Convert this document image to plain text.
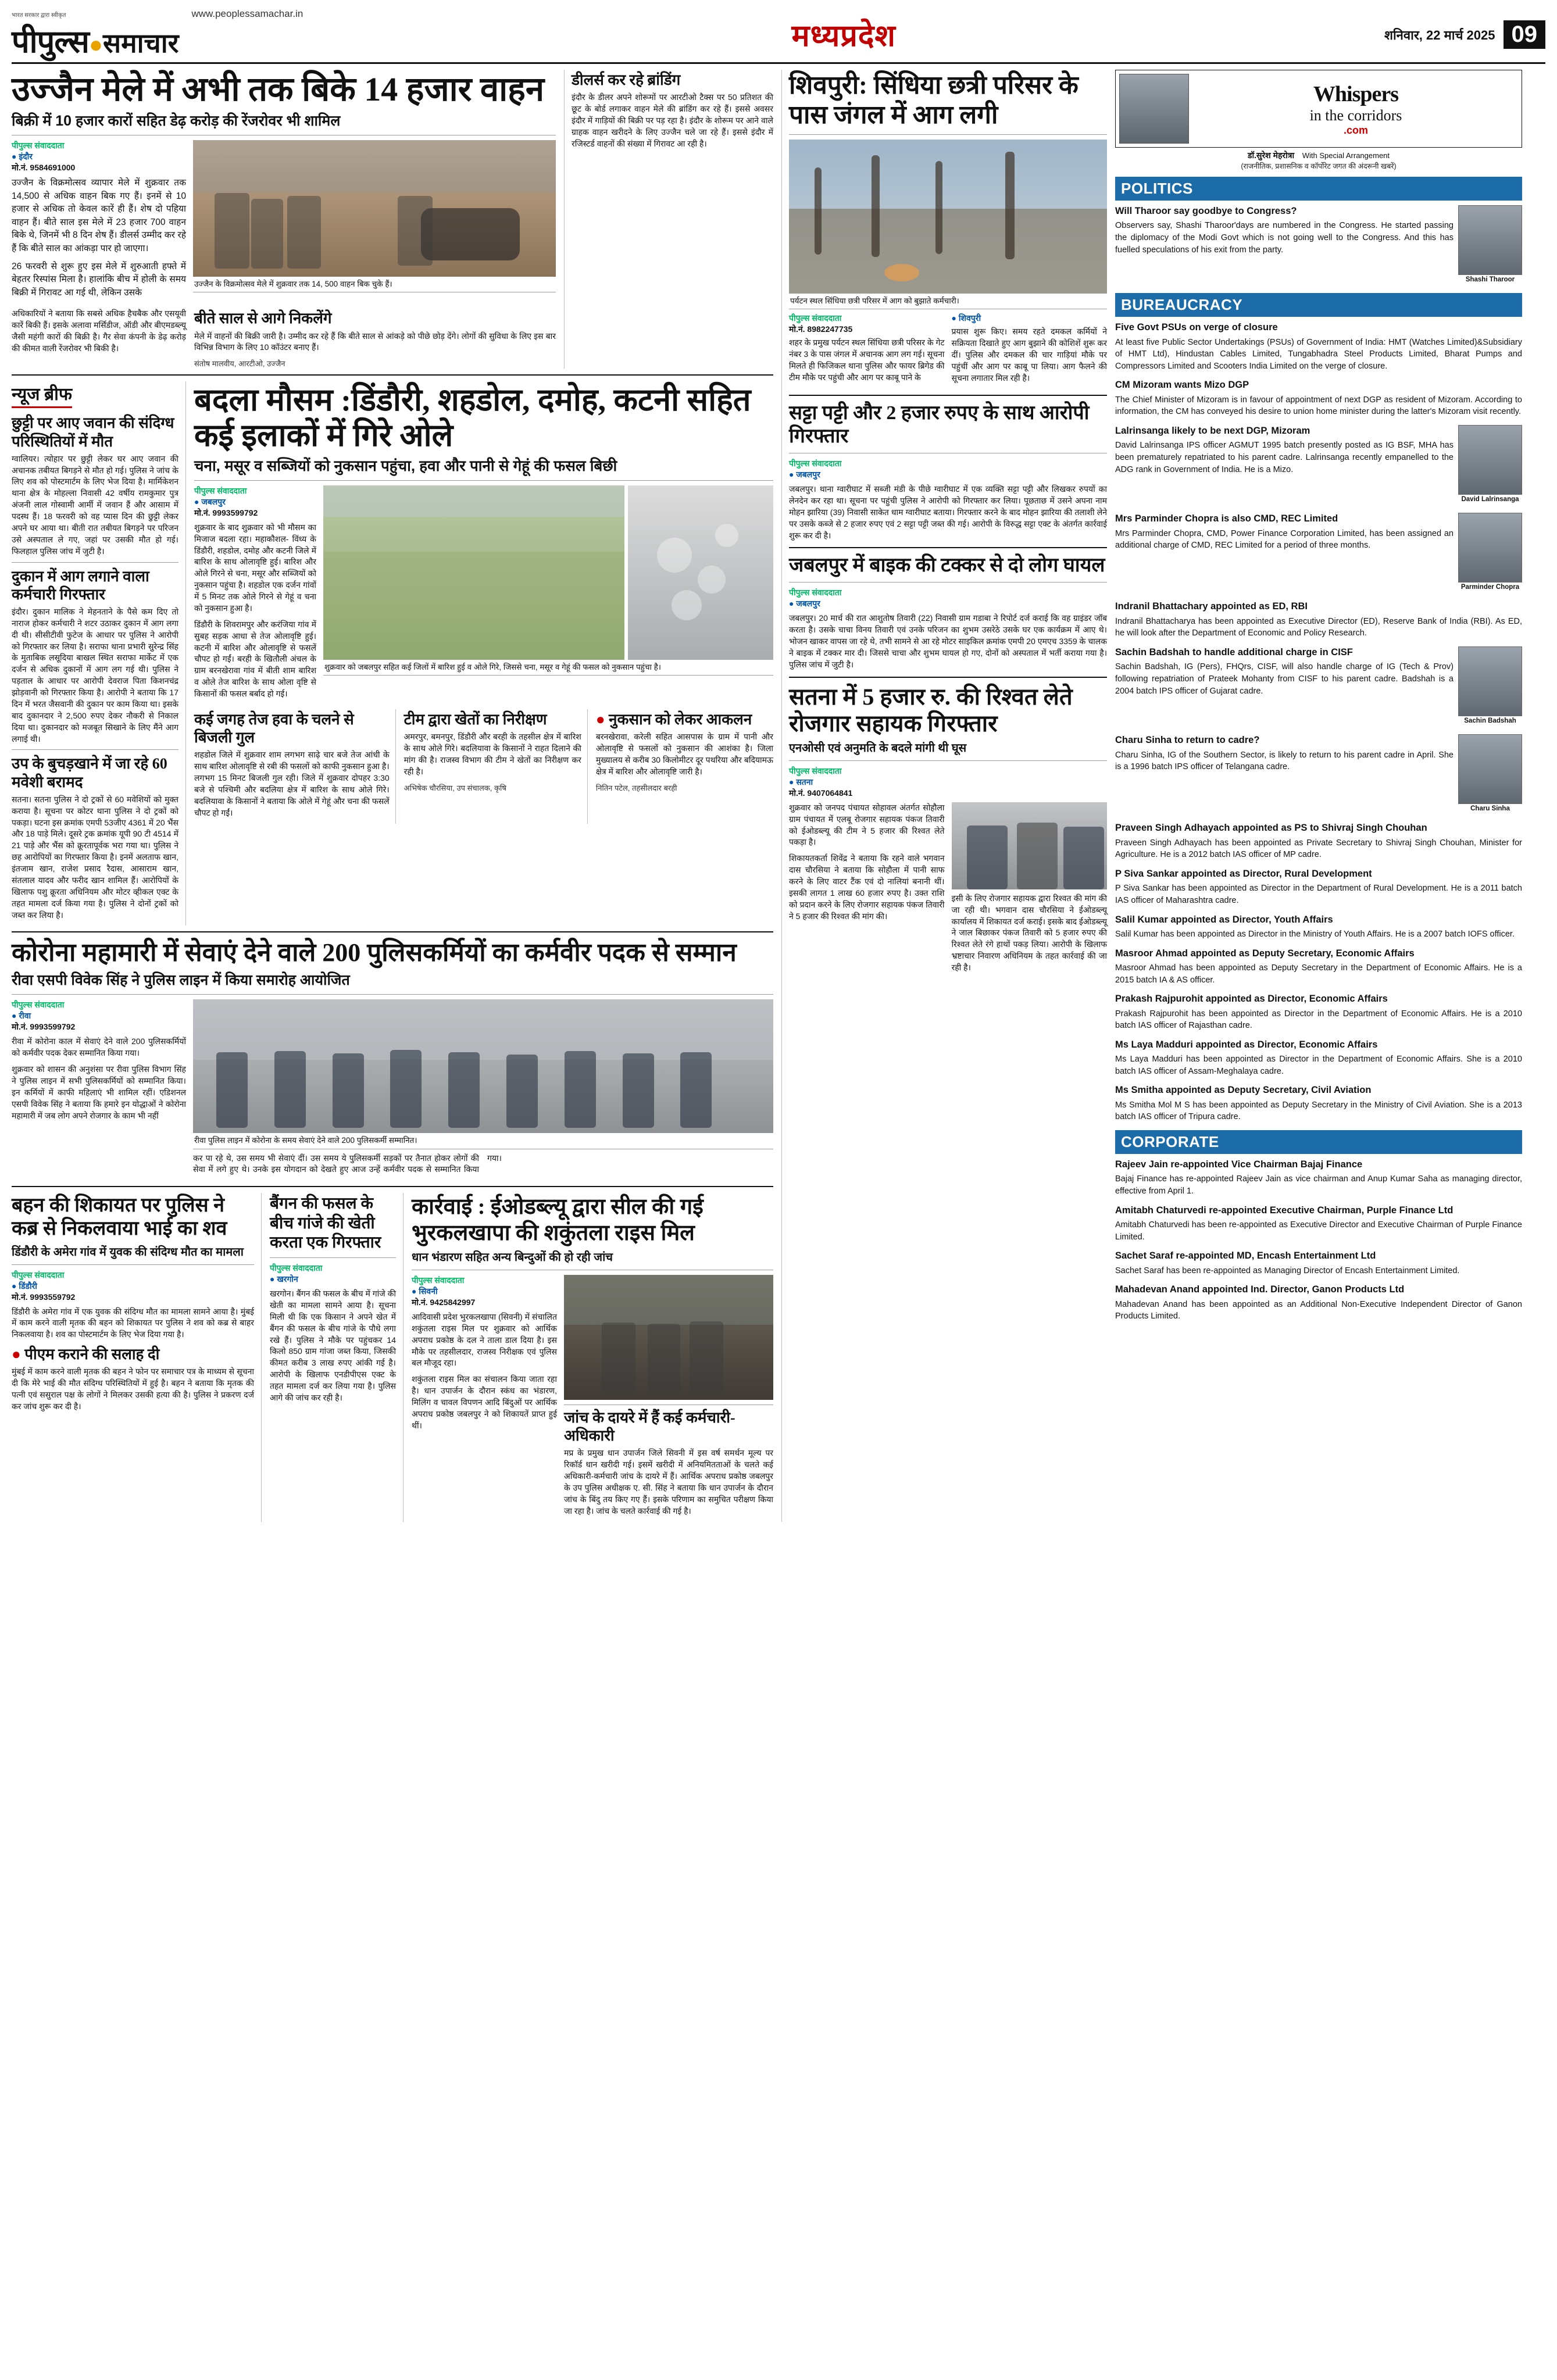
भारत सरकार द्वारा स्वीकृत
पीपुल्स●समाचार
www.peoplessamachar.in
मध्यप्रदेश	शनिवार, 22 मार्च 2025 09
उज्जैन मेले में अभी तक बिके 14 हजार वाहन
बिक्री में 10 हजार कारों सहित डेढ़ करोड़ की रेंजरोवर भी शामिल
पीपुल्स संवाददाता
● इंदौर
मो.नं. 9584691000

उज्जैन के विक्रमोत्सव व्यापार मेले में शुक्रवार तक 14,500 से अधिक वाहन बिक गए हैं। इनमें से 10 हजार से अधिक तो केवल कारें ही हैं। शेष दो पहिया वाहन हैं। बीते साल इस मेले में 23 हजार 700 वाहन बिके थे, जिनमें भी 8 दिन शेष हैं। डीलर्स उम्मीद कर रहे हैं कि बीते साल का आंकड़ा पार हो जाएगा।

26 फरवरी से शुरू हुए इस मेले में शुरुआती हफ्ते में बेहतर रिस्पांस मिला है। हालांकि बीच में होली के समय बिक्री में गिरावट आ गई थी, लेकिन उसके

उज्जैन के विक्रमोत्सव मेले में शुक्रवार तक 14, 500 वाहन बिक चुके हैं।

अधिकारियों ने बताया कि सबसे अधिक हैचबैक और एसयूवी कारें बिकी हैं। इसके अलावा मर्सिडीज, ऑडी और बीएमडब्ल्यू जैसी महंगी कारों की बिक्री है। गैर सेवा कंपनी के डेढ़ करोड़ की कीमत वाली रेंजरोवर भी बिकी है।

बीते साल से आगे निकलेंगे

मेले में वाहनों की बिक्री जारी है। उम्मीद कर रहे हैं कि बीते साल से आंकड़े को पीछे छोड़ देंगे। लोगों की सुविधा के लिए इस बार विभिन्न विभाग के लिए 10 कॉउंटर बनाए हैं।

संतोष मालवीय, आरटीओ, उज्जैन
डीलर्स कर रहे ब्रांडिंग

इंदौर के डीलर अपने शोरूमों पर आरटीओ टैक्स पर 50 प्रतिशत की छूट के बोर्ड लगाकर वाहन मेले की ब्रांडिंग कर रहे हैं। इससे अवसर इंदौर में गाड़ियों की बिक्री पर पड़ रहा है। इंदौर के शोरूम पर आने वाले ग्राहक वाहन खरीदने के लिए उज्जैन चले जा रहे हैं। इससे इंदौर में रजिस्टर्ड वाहनों की संख्या में गिरावट आ रही है।

न्यूज ब्रीफ
छुट्टी पर आए जवान की संदिग्ध परिस्थितियों में मौत

ग्वालियर। त्योहार पर छुट्टी लेकर घर आए जवान की अचानक तबीयत बिगड़ने से मौत हो गई। पुलिस ने जांच के लिए शव को पोस्टमार्टम के लिए भेज दिया है। मार्मिकेशन थाना क्षेत्र के मोहल्ला निवासी 42 वर्षीय रामकुमार पुत्र अंजनी लाल गोस्वामी आर्मी में जवान हैं और आसाम में पदस्थ हैं। 18 फरवरी को वह प्यास दिन की छुट्टी लेकर अपने घर आया था। बीती रात तबीयत बिगड़ने पर परिजन उसे अस्पताल ले गए, जहां पर उसकी मौत हो गई। फिलहाल पुलिस जांच में जुटी है।

दुकान में आग लगाने वाला कर्मचारी गिरफ्तार

इंदौर। दुकान मालिक ने मेहनताने के पैसे कम दिए तो नाराज होकर कर्मचारी ने शटर उठाकर दुकान में आग लगा दी थी। सीसीटीवी फुटेज के आधार पर पुलिस ने आरोपी को गिरफ्तार कर लिया है। सराफा थाना प्रभारी सुरेन्द्र सिंह के मुताबिक लसूदिया बाखल स्थित सराफा मार्केट में एक दर्जन से अधिक दुकानों में आग लग गई थी। पुलिस ने पड़ताल के आधार पर आरोपी देवराज पिता किशनचंद्र झोड़वानी को गिरफ्तार किया है। आरोपी ने बताया कि 17 दिन में भरत जैसवानी की दुकान पर काम किया था। इसके बाद दुकानदार ने 2,500 रुपए देकर नौकरी से निकाल दिया था। दुकानदार को मजबूत सिखाने के लिए मैंने आग लगाई थी।

उप के बुचड़खाने में जा रहे 60 मवेशी बरामद

सतना। सतना पुलिस ने दो ट्रकों से 60 मवेशियों को मुक्त कराया है। सूचना पर कोटर थाना पुलिस ने दो ट्रकों को पकड़ा। घटना इस क्रमांक एमपी 53जीए 4361 में 20 भैंस और 18 पाड़े मिले। दूसरे ट्रक क्रमांक यूपी 90 टी 4514 में 21 पाड़े और भैंस को क्रूरतापूर्वक भरा गया था। पुलिस ने छह आरोपियों का गिरफ्तार किया है। इनमें अलताफ खान, इंतजाम खान, राजेश प्रसाद रैदास, आसाराम खान, संतलाल यादव और फरीद खान शामिल हैं। आरोपियों के खिलाफ पशु क्रूरता अधिनियम और मोटर व्हीकल एक्ट के तहत मामला दर्ज किया गया है। पुलिस ने दोनों ट्रकों को जब्त कर लिया है।

बदला मौसम :डिंडौरी, शहडोल, दमोह, कटनी सहित कई इलाकों में गिरे ओले
चना, मसूर व सब्जियों को नुकसान पहुंचा, हवा और पानी से गेहूं की फसल बिछी
पीपुल्स संवाददाता
● जबलपुर
मो.नं. 9993599792

शुक्रवार के बाद शुक्रवार को भी मौसम का मिजाज बदला रहा। महाकौशल- विंध्य के डिंडौरी, शहडोल, दमोह और कटनी जिले में बारिश के साथ ओलावृष्टि हुई। बारिश और ओले गिरने से चना, मसूर और सब्जियों को नुकसान पहुंचा है। शहडोल एक दर्जन गांवों में 5 मिनट तक ओले गिरने से गेहूं व चना को नुकसान हुआ है।

डिंडौरी के शिवरामपुर और करंजिया गांव में सुबह सड़क आधा से तेज ओलावृष्टि हुई। कटनी में बारिश और ओलावृष्टि से फसलें चौपट हो गईं। बरही के खितौली अंचल के ग्राम बरनखेरावा गांव में बीती शाम बारिश व ओले तेज बारिश के साथ ओला वृष्टि से किसानों की फसल बर्बाद हो गई।

शुक्रवार को जबलपुर सहित कई जिलों में बारिश हुई व ओले गिरे, जिससे चना, मसूर व गेहूं की फसल को नुकसान पहुंचा है।
कई जगह तेज हवा के चलने से बिजली गुल

शहडोल जिले में शुक्रवार शाम लगभग साढ़े चार बजे तेज आंधी के साथ बारिश ओलावृष्टि से रबी की फसलों को काफी नुकसान हुआ है। लगभग 15 मिनट बिजली गुल रही। जिले में शुक्रवार दोपहर 3:30 बजे से पश्चिमी और बदलिया क्षेत्र में बारिश के साथ ओले गिरे। बदलियावा के किसानों ने बताया कि ओले में गेहूं और चना की फसलें चौपट हो गईं।

टीम द्वारा खेतों का निरीक्षण

अमरपुर, बमनपुर, डिंडौरी और बरही के तहसील क्षेत्र में बारिश के साथ ओले गिरे। बदलियावा के किसानों ने राहत दिलाने की मांग की है। राजस्व विभाग की टीम ने खेतों का निरीक्षण कर रही है।

अभिषेक चौरसिया, उप संचालक, कृषि
● नुकसान को लेकर आकलन

बरनखेरावा, करेली सहित आसपास के ग्राम में पानी और ओलावृष्टि से फसलों को नुकसान की आशंका है। जिला मुख्यालय से करीब 30 किलोमीटर दूर पथरिया और बदियामऊ क्षेत्र में बारिश और ओलावृष्टि जारी है।

नितिन पटेल, तहसीलदार बरही
कोरोना महामारी में सेवाएं देने वाले 200 पुलिसकर्मियों का कर्मवीर पदक से सम्मान
रीवा एसपी विवेक सिंह ने पुलिस लाइन में किया समारोह आयोजित
पीपुल्स संवाददाता
● रीवा
मो.नं. 9993599792

रीवा में कोरोना काल में सेवाएं देने वाले 200 पुलिसकर्मियों को कर्मवीर पदक देकर सम्मानित किया गया।

शुक्रवार को शासन की अनुशंसा पर रीवा पुलिस विभाग सिंह ने पुलिस लाइन में सभी पुलिसकर्मियों को सम्मानित किया। इन कर्मियों में काफी महिलाएं भी शामिल रहीं। एडिशनल एसपी विवेक सिंह ने बताया कि हमारे इन योद्धाओं ने कोरोना महामारी में जब लोग अपने रोजगार के काम भी नहीं

रीवा पुलिस लाइन में कोरोना के समय सेवाएं देने वाले 200 पुलिसकर्मी सम्मानित।

कर पा रहे थे, उस समय भी सेवाएं दीं। उस समय ये पुलिसकर्मी सड़कों पर तैनात होकर लोगों की सेवा में लगे हुए थे। उनके इस योगदान को देखते हुए आज उन्हें कर्मवीर पदक से सम्मानित किया गया।

बहन की शिकायत पर पुलिस ने कब्र से निकलवाया भाई का शव
डिंडौरी के अमेरा गांव में युवक की संदिग्ध मौत का मामला
पीपुल्स संवाददाता
● डिंडौरी
मो.नं. 9993559792

डिंडौरी के अमेरा गांव में एक युवक की संदिग्ध मौत का मामला सामने आया है। मुंबई में काम करने वाली मृतक की बहन को शिकायत पर पुलिस ने शव को कब्र से बाहर निकलवाया है। शव का पोस्टमार्टम के लिए भेज दिया गया है।

● पीएम कराने की सलाह दी

मुंबई में काम करने वाली मृतक की बहन ने फोन पर समाचार पत्र के माध्यम से सूचना दी कि मेरे भाई की मौत संदिग्ध परिस्थितियों में हुई है। बहन ने बताया कि मृतक की पत्नी एवं ससुराल पक्ष के लोगों ने मिलकर उसकी हत्या की है। पुलिस ने प्रकरण दर्ज कर जांच शुरू कर दी है।

बैंगन की फसल के बीच गांजे की खेती करता एक गिरफ्तार
पीपुल्स संवाददाता
● खरगोन

खरगोन। बैंगन की फसल के बीच में गांजे की खेती का मामला सामने आया है। सूचना मिली थी कि एक किसान ने अपने खेत में बैंगन की फसल के बीच गांजे के पौधे लगा रखे हैं। पुलिस ने मौके पर पहुंचकर 14 किलो 850 ग्राम गांजा जब्त किया, जिसकी कीमत करीब 3 लाख रुपए आंकी गई है। आरोपी के खिलाफ एनडीपीएस एक्ट के तहत मामला दर्ज कर लिया गया है। पुलिस आगे की जांच कर रही है।

कार्रवाई : ईओडब्ल्यू द्वारा सील की गई भुरकलखापा की शकुंतला राइस मिल
धान भंडारण सहित अन्य बिन्दुओं की हो रही जांच
पीपुल्स संवाददाता
● सिवनी
मो.नं. 9425842997

आदिवासी प्रदेश भुरकलखापा (सिवनी) में संचालित शकुंतला राइस मिल पर शुक्रवार को आर्थिक अपराध प्रकोष्ठ के दल ने ताला डाल दिया है। इस मौके पर तहसीलदार, राजस्व निरीक्षक एवं पुलिस बल मौजूद रहा।

शकुंतला राइस मिल का संचालन किया जाता रहा है। धान उपार्जन के दौरान स्कंध का भंडारण, मिलिंग व चावल विपणन आदि बिंदुओं पर आर्थिक अपराध प्रकोष्ठ जबलपुर ने को शिकायतें प्राप्त हुई थीं।	जांच के दायरे में हैं कई कर्मचारी-अधिकारी

मप्र के प्रमुख धान उपार्जन जिले सिवनी में इस वर्ष समर्थन मूल्य पर रिकॉर्ड धान खरीदी गई। इसमें खरीदी में अनियमितताओं के चलते कई अधिकारी-कर्मचारी जांच के दायरे में हैं। आर्थिक अपराध प्रकोष्ठ जबलपुर के उप पुलिस अधीक्षक ए. सी. सिंह ने बताया कि धान उपार्जन के दौरान जांच के बिंदु तय किए गए हैं। इसके परिणाम का समुचित परीक्षण किया जा रहा है। जांच के चलते कार्रवाई की गई है।

शिवपुरी: सिंधिया छत्री परिसर के पास जंगल में आग लगी
पर्यटन स्थल सिंधिया छत्री परिसर में आग को बुझाते कर्मचारी।
पीपुल्स संवाददाता
मो.नं. 8982247735

शहर के प्रमुख पर्यटन स्थल सिंधिया छत्री परिसर के गेट नंबर 3 के पास जंगल में अचानक आग लग गई। सूचना मिलते ही फिजिकल थाना पुलिस और फायर ब्रिगेड की टीम मौके पर पहुंची और आग पर काबू पाने के

● शिवपुरी

प्रयास शुरू किए। समय रहते दमकल कर्मियों ने सक्रियता दिखाते हुए आग बुझाने की कोशिशें शुरू कर दीं। पुलिस और दमकल की चार गाड़ियां मौके पर पहुंचीं और आग पर काबू पा लिया। आग फैलने की सूचना लगातार मिल रही है।

सट्टा पट्टी और 2 हजार रुपए के साथ आरोपी गिरफ्तार
पीपुल्स संवाददाता
● जबलपुर

जबलपुर। थाना ग्वारीघाट में सब्जी मंडी के पीछे ग्वारीघाट में एक व्यक्ति सट्टा पट्टी और लिखकर रुपयों का लेनदेन कर रहा था। सूचना पर पहुंची पुलिस ने आरोपी को गिरफ्तार कर लिया। पूछताछ में उसने अपना नाम मोहन झारिया (39) निवासी साकेत धाम ग्वारीघाट बताया। गिरफ्तार करने के बाद मोहन झारिया की तलाशी लेने पर उसके कब्जे से 2 हजार रुपए एवं 2 सट्टा पट्टी जब्त की गई। आरोपी के विरुद्ध सट्टा एक्ट के अंतर्गत कार्रवाई शुरू कर दी है।

जबलपुर में बाइक की टक्कर से दो लोग घायल
पीपुल्स संवाददाता
● जबलपुर

जबलपुर। 20 मार्च की रात आशुतोष तिवारी (22) निवासी ग्राम गडाबा ने रिपोर्ट दर्ज कराई कि वह ग्राइंडर जॉब करता है। उसके चाचा विनय तिवारी एवं उनके परिजन का शुभम उसरेठे उसके घर एक कार्यक्रम में आए थे। भोजन खाकर वापस जा रहे थे, तभी सामने से आ रहे मोटर साइकिल क्रमांक एमपी 20 एमएच 3359 के चालक ने बाइक में टक्कर मार दी। जिससे चाचा और शुभम घायल हो गए, दोनों को अस्पताल में भर्ती कराया गया है। पुलिस जांच में जुटी है।

सतना में 5 हजार रु. की रिश्वत लेते रोजगार सहायक गिरफ्तार
एनओसी एवं अनुमति के बदले मांगी थी घूस
पीपुल्स संवाददाता
● सतना
मो.नं. 9407064841

शुक्रवार को जनपद पंचायत सोहावल अंतर्गत सोहौला ग्राम पंचायत में एलबू रोजगार सहायक पंकज तिवारी को ईओडब्ल्यू की टीम ने 5 हजार की रिश्वत लेते पकड़ा है।

शिकायतकर्ता शिवेंद्र ने बताया कि रहने वाले भगवान दास चौरसिया ने बताया कि सोहौला में पानी साफ करने के लिए वाटर टैंक एवं दो नालियां बनानी थीं। इसकी लागत 1 लाख 60 हजार रुपए है। उक्त राशि को प्रदान करने के लिए रोजगार सहायक पंकज तिवारी ने 5 हजार की रिश्वत की मांग की।

इसी के लिए रोजगार सहायक द्वारा रिश्वत की मांग की जा रही थी। भगवान दास चौरसिया ने ईओडब्ल्यू कार्यालय में शिकायत दर्ज कराई। इसके बाद ईओडब्ल्यू ने जाल बिछाकर पंकज तिवारी को 5 हजार रुपए की रिश्वत लेते रंगे हाथों पकड़ लिया। आरोपी के खिलाफ भ्रष्टाचार निवारण अधिनियम के तहत कार्रवाई की जा रही है।

Whispers
in the corridors
.com
डॉ.सुरेश मेहरोत्रा With Special Arrangement
(राजनीतिक, प्रशासनिक व कॉर्पोरेट जगत की अंदरूनी खबरें)
POLITICS
Shashi Tharoor
Will Tharoor say goodbye to Congress?

Observers say, Shashi Tharoor'days are numbered in the Congress. He started passing the diplomacy of the Modi Govt which is not going well to the Congress. And this has fuelled speculations of his exit from the party.

BUREAUCRACY
Five Govt PSUs on verge of closure

At least five Public Sector Undertakings (PSUs) of Government of India: HMT (Watches Limited)&Subsidiary of HMT Ltd), Hindustan Cables Limited, Tungabhadra Steel Products Limited, Bharat Pumps and Compressors Limited and Scooters India Limited on the verge of closure.

CM Mizoram wants Mizo DGP

The Chief Minister of Mizoram is in favour of appointment of next DGP as resident of Mizoram. According to information, the CM has conveyed his desire to union home minister during the latter's Mizoram visit recently.

David Lalrinsanga
Lalrinsanga likely to be next DGP, Mizoram

David Lalrinsanga IPS officer AGMUT 1995 batch presently posted as IG BSF, MHA has been prematurely repatriated to his parent cadre. Lalrinsanga recently empanelled to the ADG rank in Government of India. He is a Mizo.

Parminder Chopra
Mrs Parminder Chopra is also CMD, REC Limited

Mrs Parminder Chopra, CMD, Power Finance Corporation Limited, has been assigned an additional charge of CMD, REC Limited for a period of three months.

Indranil Bhattachary appointed as ED, RBI

Indranil Bhattacharya has been appointed as Executive Director (ED), Reserve Bank of India (RBI). As ED, he will look after the Department of Economic and Policy Research.

Sachin Badshah
Sachin Badshah to handle additional charge in CISF

Sachin Badshah, IG (Pers), FHQrs, CISF, will also handle charge of IG (Tech & Prov) following repatriation of Prateek Mohanty from CISF to his parent cadre. Badshah is a 2004 batch IPS officer of Gujarat cadre.

Charu Sinha
Charu Sinha to return to cadre?

Charu Sinha, IG of the Southern Sector, is likely to return to his parent cadre in April. She is a 1996 batch IPS officer of Telangana cadre.

Praveen Singh Adhayach appointed as PS to Shivraj Singh Chouhan

Praveen Singh Adhayach has been appointed as Private Secretary to Shivraj Singh Chouhan, Minister for Agriculture. He is a 2012 batch IAS officer of MP cadre.

P Siva Sankar appointed as Director, Rural Development

P Siva Sankar has been appointed as Director in the Department of Rural Development. He is a 2011 batch IAS officer of Maharashtra cadre.

Salil Kumar appointed as Director, Youth Affairs

Salil Kumar has been appointed as Director in the Ministry of Youth Affairs. He is a 2007 batch IOFS officer.

Masroor Ahmad appointed as Deputy Secretary, Economic Affairs

Masroor Ahmad has been appointed as Deputy Secretary in the Department of Economic Affairs. He is a 2015 batch IA & AS officer.

Prakash Rajpurohit appointed as Director, Economic Affairs

Prakash Rajpurohit has been appointed as Director in the Department of Economic Affairs. He is a 2010 batch IAS officer of Rajasthan cadre.

Ms Laya Madduri appointed as Director, Economic Affairs

Ms Laya Madduri has been appointed as Director in the Department of Economic Affairs. She is a 2010 batch IAS officer of Assam-Meghalaya cadre.

Ms Smitha appointed as Deputy Secretary, Civil Aviation

Ms Smitha Mol M S has been appointed as Deputy Secretary in the Ministry of Civil Aviation. She is a 2013 batch IAS officer of Tripura cadre.

CORPORATE
Rajeev Jain re-appointed Vice Chairman Bajaj Finance

Bajaj Finance has re-appointed Rajeev Jain as vice chairman and Anup Kumar Saha as managing director, effective from April 1.

Amitabh Chaturvedi re-appointed Executive Chairman, Purple Finance Ltd

Amitabh Chaturvedi has been re-appointed as Executive Director and Executive Chairman of Purple Finance Limited.

Sachet Saraf re-appointed MD, Encash Entertainment Ltd

Sachet Saraf has been re-appointed as Managing Director of Encash Entertainment Limited.

Mahadevan Anand appointed Ind. Director, Ganon Products Ltd

Mahadevan Anand has been appointed as an Additional Non-Executive Independent Director of Ganon Products Limited.
